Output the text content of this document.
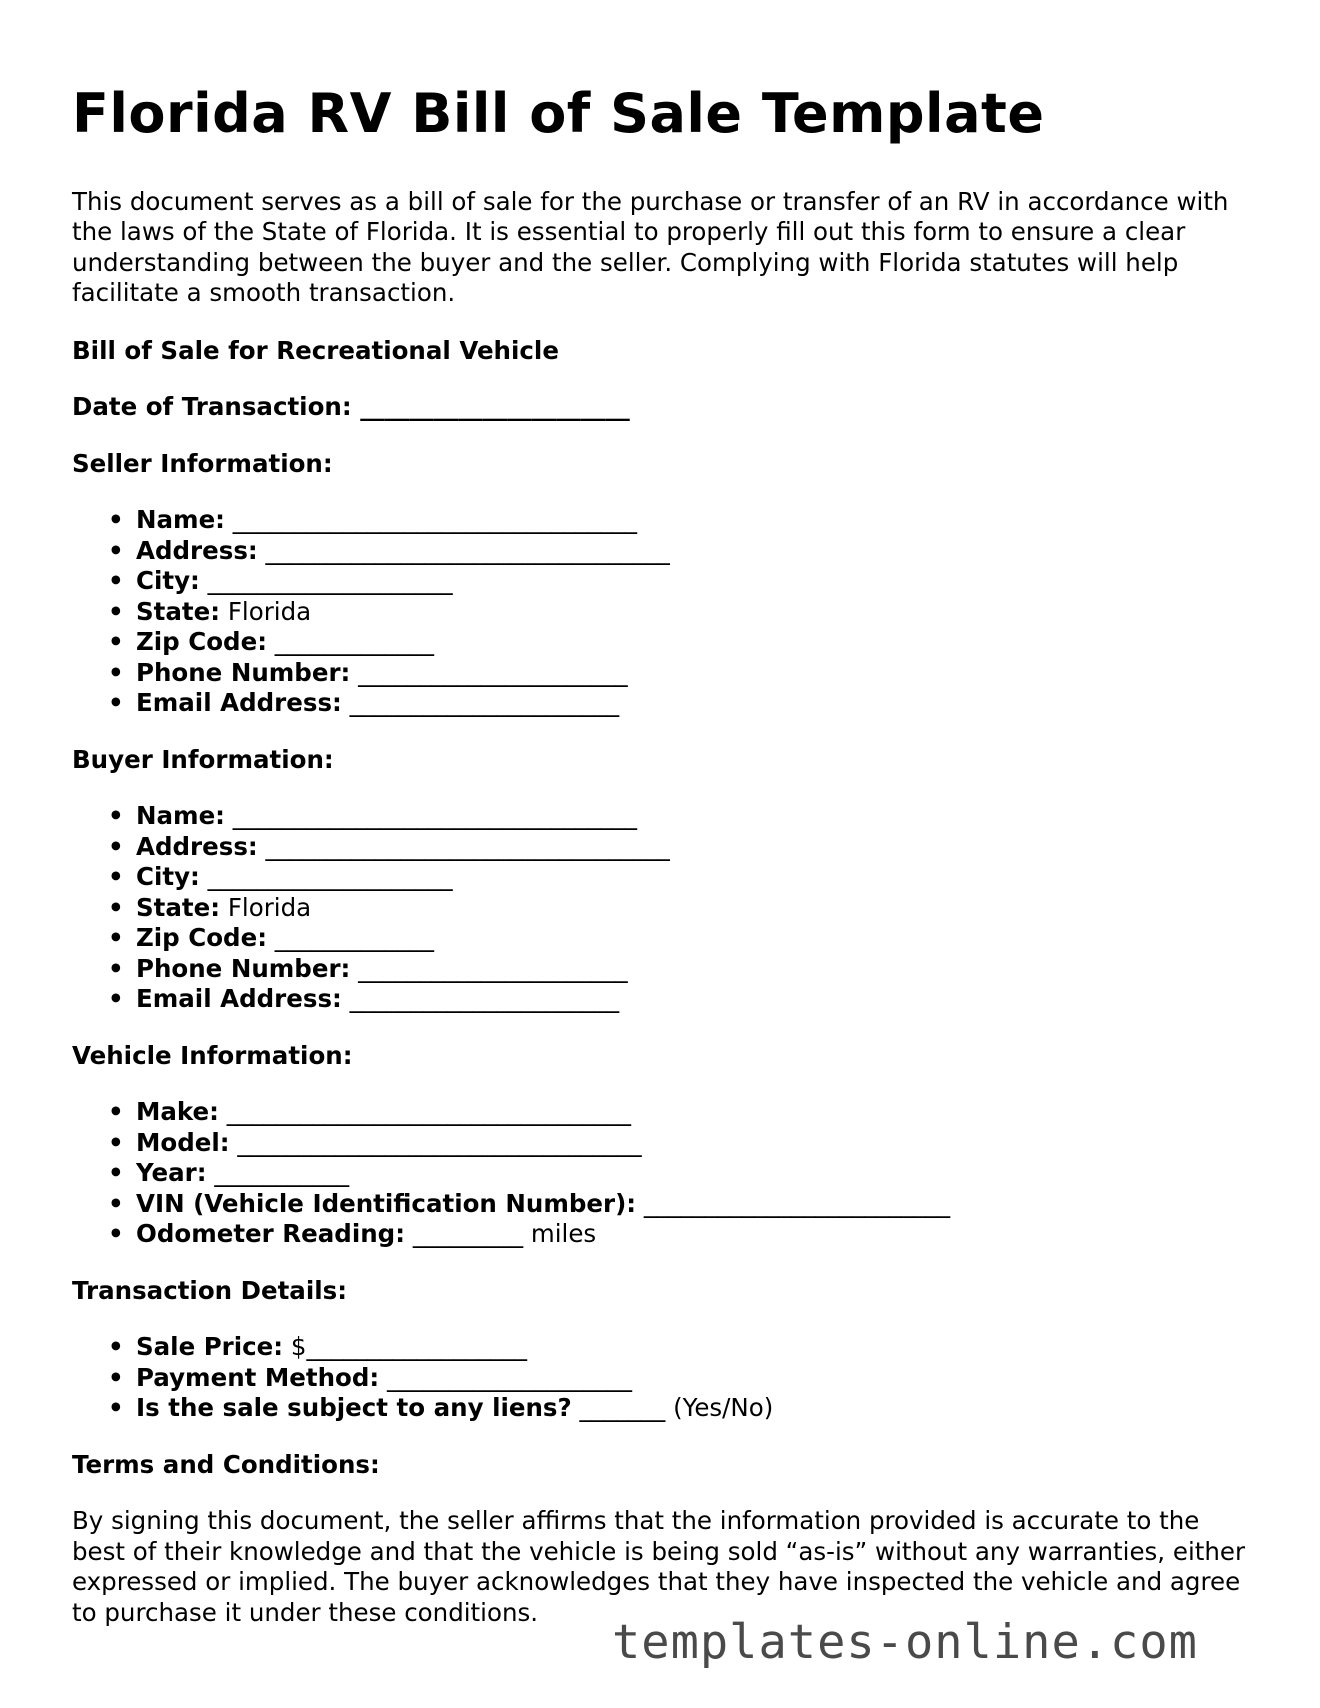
Florida RV Bill of Sale Template

This document serves as a bill of sale for the purchase or transfer of an RV in accordance with the laws of the State of Florida. It is essential to properly fill out this form to ensure a clear understanding between the buyer and the seller. Complying with Florida statutes will help facilitate a smooth transaction.

Bill of Sale for Recreational Vehicle
Date of Transaction: ______________________
Seller Information:
• Name: _________________________________
• Address: _________________________________
• City: ____________________
• State: Florida
• Zip Code: _____________
• Phone Number: ______________________
• Email Address: ______________________
Buyer Information:
• Name: _________________________________
• Address: _________________________________
• City: ____________________
• State: Florida
• Zip Code: _____________
• Phone Number: ______________________
• Email Address: ______________________
Vehicle Information:
• Make: _________________________________
• Model: _________________________________
• Year: ___________
• VIN (Vehicle Identification Number): _________________________
• Odometer Reading: _________ miles
Transaction Details:
• Sale Price: $__________________
• Payment Method: ____________________
• Is the sale subject to any liens? _______ (Yes/No)
Terms and Conditions:

By signing this document, the seller affirms that the information provided is accurate to the best of their knowledge and that the vehicle is being sold “as-is” without any warranties, either expressed or implied. The buyer acknowledges that they have inspected the vehicle and agree to purchase it under these conditions.

templates-online.com
